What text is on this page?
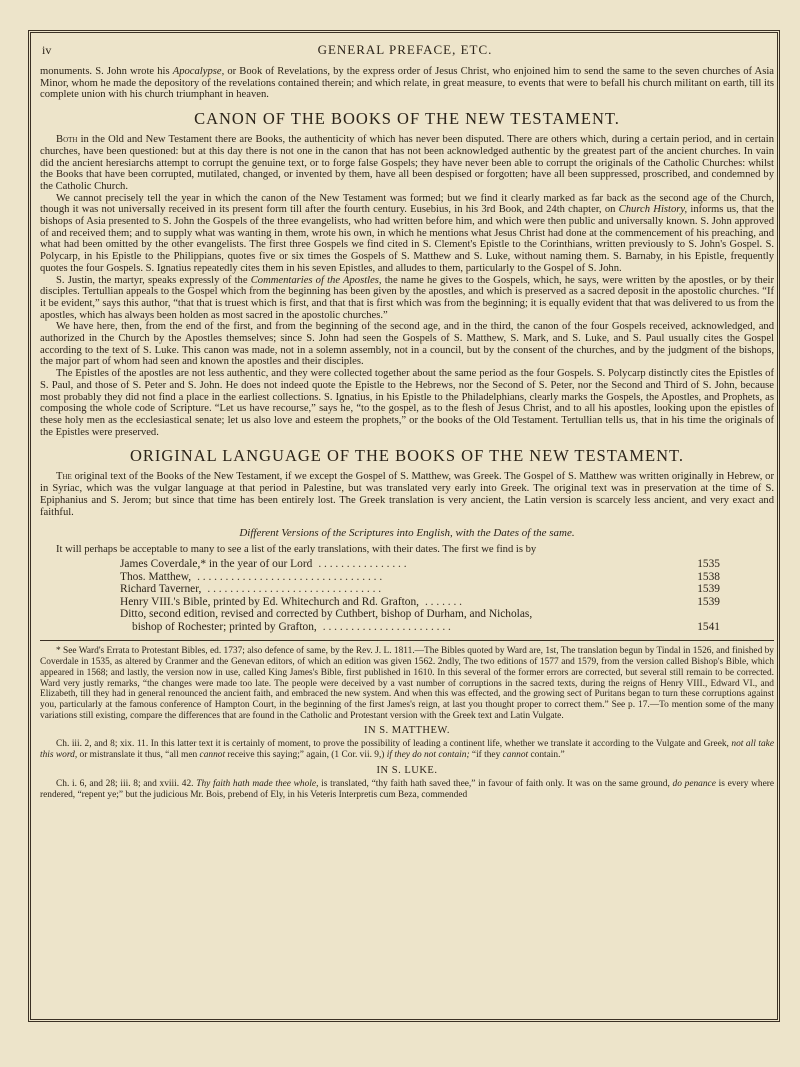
iv	GENERAL PREFACE, ETC.

monuments. S. John wrote his Apocalypse, or Book of Revelations, by the express order of Jesus Christ, who enjoined him to send the same to the seven churches of Asia Minor, whom he made the depository of the revelations contained therein; and which relate, in great measure, to events that were to befall his church militant on earth, till its complete union with his church triumphant in heaven.

CANON OF THE BOOKS OF THE NEW TESTAMENT.

Both in the Old and New Testament there are Books, the authenticity of which has never been disputed. There are others which, during a certain period, and in certain churches, have been questioned: but at this day there is not one in the canon that has not been acknowledged authentic by the greatest part of the ancient churches. In vain did the ancient heresiarchs attempt to corrupt the genuine text, or to forge false Gospels; they have never been able to corrupt the originals of the Catholic Churches: whilst the Books that have been corrupted, mutilated, changed, or invented by them, have all been despised or forgotten; have all been suppressed, proscribed, and condemned by the Catholic Church.

We cannot precisely tell the year in which the canon of the New Testament was formed; but we find it clearly marked as far back as the second age of the Church, though it was not universally received in its present form till after the fourth century. Eusebius, in his 3rd Book, and 24th chapter, on Church History, informs us, that the bishops of Asia presented to S. John the Gospels of the three evangelists, who had written before him, and which were then public and universally known. S. John approved of and received them; and to supply what was wanting in them, wrote his own, in which he mentions what Jesus Christ had done at the commencement of his preaching, and what had been omitted by the other evangelists. The first three Gospels we find cited in S. Clement's Epistle to the Corinthians, written previously to S. John's Gospel. S. Polycarp, in his Epistle to the Philippians, quotes five or six times the Gospels of S. Matthew and S. Luke, without naming them. S. Barnaby, in his Epistle, frequently quotes the four Gospels. S. Ignatius repeatedly cites them in his seven Epistles, and alludes to them, particularly to the Gospel of S. John.

S. Justin, the martyr, speaks expressly of the Commentaries of the Apostles, the name he gives to the Gospels, which, he says, were written by the apostles, or by their disciples. Tertullian appeals to the Gospel which from the beginning has been given by the apostles, and which is preserved as a sacred deposit in the apostolic churches. “If it be evident,” says this author, “that that is truest which is first, and that that is first which was from the beginning; it is equally evident that that was delivered to us from the apostles, which has always been holden as most sacred in the apostolic churches.”

We have here, then, from the end of the first, and from the beginning of the second age, and in the third, the canon of the four Gospels received, acknowledged, and authorized in the Church by the Apostles themselves; since S. John had seen the Gospels of S. Matthew, S. Mark, and S. Luke, and S. Paul usually cites the Gospel according to the text of S. Luke. This canon was made, not in a solemn assembly, not in a council, but by the consent of the churches, and by the judgment of the bishops, the major part of whom had seen and known the apostles and their disciples.

The Epistles of the apostles are not less authentic, and they were collected together about the same period as the four Gospels. S. Polycarp distinctly cites the Epistles of S. Paul, and those of S. Peter and S. John. He does not indeed quote the Epistle to the Hebrews, nor the Second of S. Peter, nor the Second and Third of S. John, because most probably they did not find a place in the earliest collections. S. Ignatius, in his Epistle to the Philadelphians, clearly marks the Gospels, the Apostles, and Prophets, as composing the whole code of Scripture. “Let us have recourse,” says he, “to the gospel, as to the flesh of Jesus Christ, and to all his apostles, looking upon the epistles of these holy men as the ecclesiastical senate; let us also love and esteem the prophets,” or the books of the Old Testament. Tertullian tells us, that in his time the originals of the Epistles were preserved.

ORIGINAL LANGUAGE OF THE BOOKS OF THE NEW TESTAMENT.

The original text of the Books of the New Testament, if we except the Gospel of S. Matthew, was Greek. The Gospel of S. Matthew was written originally in Hebrew, or in Syriac, which was the vulgar language at that period in Palestine, but was translated very early into Greek. The original text was in preservation at the time of S. Epiphanius and S. Jerom; but since that time has been entirely lost. The Greek translation is very ancient, the Latin version is scarcely less ancient, and very exact and faithful.

Different Versions of the Scriptures into English, with the Dates of the same.

It will perhaps be acceptable to many to see a list of the early translations, with their dates. The first we find is by

James Coverdale,* in the year of our Lord . . . . . . . . . . . . . . . .	1535
Thos. Matthew, . . . . . . . . . . . . . . . . . . . . . . . . . . . . . . . . .	1538
Richard Taverner, . . . . . . . . . . . . . . . . . . . . . . . . . . . . . . .	1539
Henry VIII.'s Bible, printed by Ed. Whitechurch and Rd. Grafton, . . . . . . .	1539
Ditto, second edition, revised and corrected by Cuthbert, bishop of Durham, and Nicholas,
bishop of Rochester; printed by Grafton, . . . . . . . . . . . . . . . . . . . . . . .	1541

* See Ward's Errata to Protestant Bibles, ed. 1737; also defence of same, by the Rev. J. L. 1811.—The Bibles quoted by Ward are, 1st, The translation begun by Tindal in 1526, and finished by Coverdale in 1535, as altered by Cranmer and the Genevan editors, of which an edition was given 1562. 2ndly, The two editions of 1577 and 1579, from the version called Bishop's Bible, which appeared in 1568; and lastly, the version now in use, called King James's Bible, first published in 1610. In this several of the former errors are corrected, but several still remain to be corrected. Ward very justly remarks, “the changes were made too late. The people were deceived by a vast number of corruptions in the sacred texts, during the reigns of Henry VIII., Edward VI., and Elizabeth, till they had in general renounced the ancient faith, and embraced the new system. And when this was effected, and the growing sect of Puritans began to turn these corruptions against you, particularly at the famous conference of Hampton Court, in the beginning of the first James's reign, at last you thought proper to correct them.” See p. 17.—To mention some of the many variations still existing, compare the differences that are found in the Catholic and Protestant version with the Greek text and Latin Vulgate.

IN S. MATTHEW.

Ch. iii. 2, and 8; xix. 11. In this latter text it is certainly of moment, to prove the possibility of leading a continent life, whether we translate it according to the Vulgate and Greek, not all take this word, or mistranslate it thus, “all men cannot receive this saying;” again, (1 Cor. vii. 9,) if they do not contain; “if they cannot contain.”

IN S. LUKE.

Ch. i. 6, and 28; iii. 8; and xviii. 42. Thy faith hath made thee whole, is translated, “thy faith hath saved thee,” in favour of faith only. It was on the same ground, do penance is every where rendered, “repent ye;” but the judicious Mr. Bois, prebend of Ely, in his Veteris Interpretis cum Beza, commended
